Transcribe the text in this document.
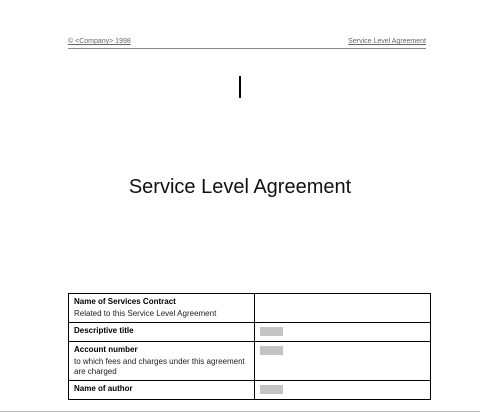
© <Company> 1998	Service Level Agreement
Service Level Agreement
Name of Services Contract
Related to this Service Level Agreement	

Descriptive title	

Account number
to which fees and charges under this agreement are charged	

Name of author	
